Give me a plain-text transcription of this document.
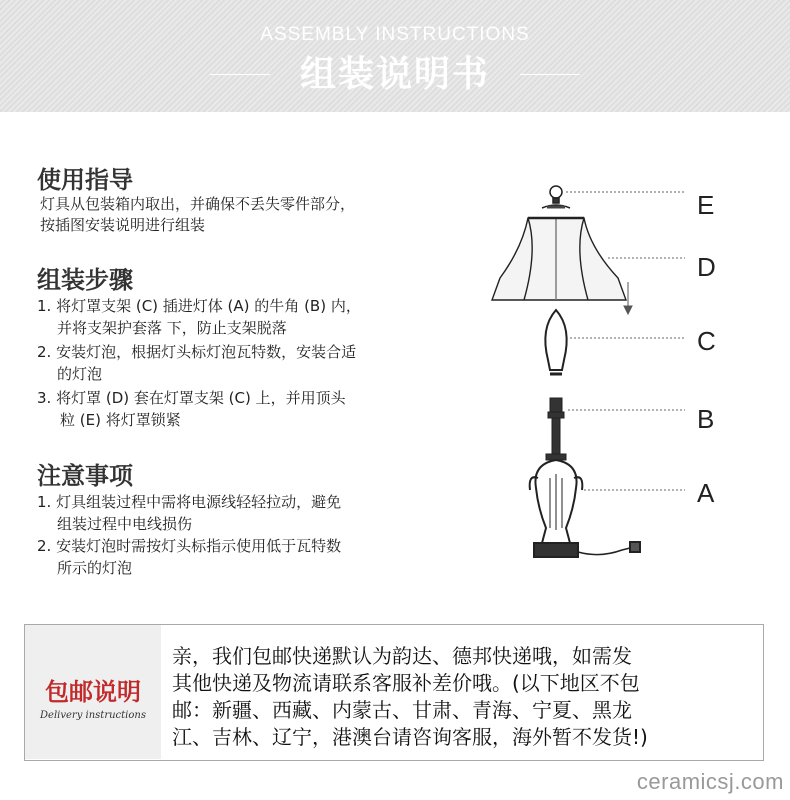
ASSEMBLY INSTRUCTIONS
组装说明书
使用指导
灯具从包装箱内取出，并确保不丢失零件部分，
按插图安装说明进行组装
组装步骤
1. 将灯罩支架 (C) 插进灯体 (A) 的牛角 (B) 内，
并将支架护套落 下，防止支架脱落
2. 安装灯泡，根据灯头标灯泡瓦特数，安装合适
的灯泡
3. 将灯罩 (D) 套在灯罩支架 (C) 上，并用顶头
粒 (E) 将灯罩锁紧
注意事项
1. 灯具组装过程中需将电源线轻轻拉动，避免
组装过程中电线损伤
2. 安装灯泡时需按灯头标指示使用低于瓦特数
所示的灯泡
E
D
C
B
A
包邮说明
Delivery instructions
亲，我们包邮快递默认为韵达、德邦快递哦，如需发
其他快递及物流请联系客服补差价哦。(以下地区不包
邮：新疆、西藏、内蒙古、甘肃、青海、宁夏、黑龙
江、吉林、辽宁，港澳台请咨询客服，海外暂不发货!)
ceramicsj.com
